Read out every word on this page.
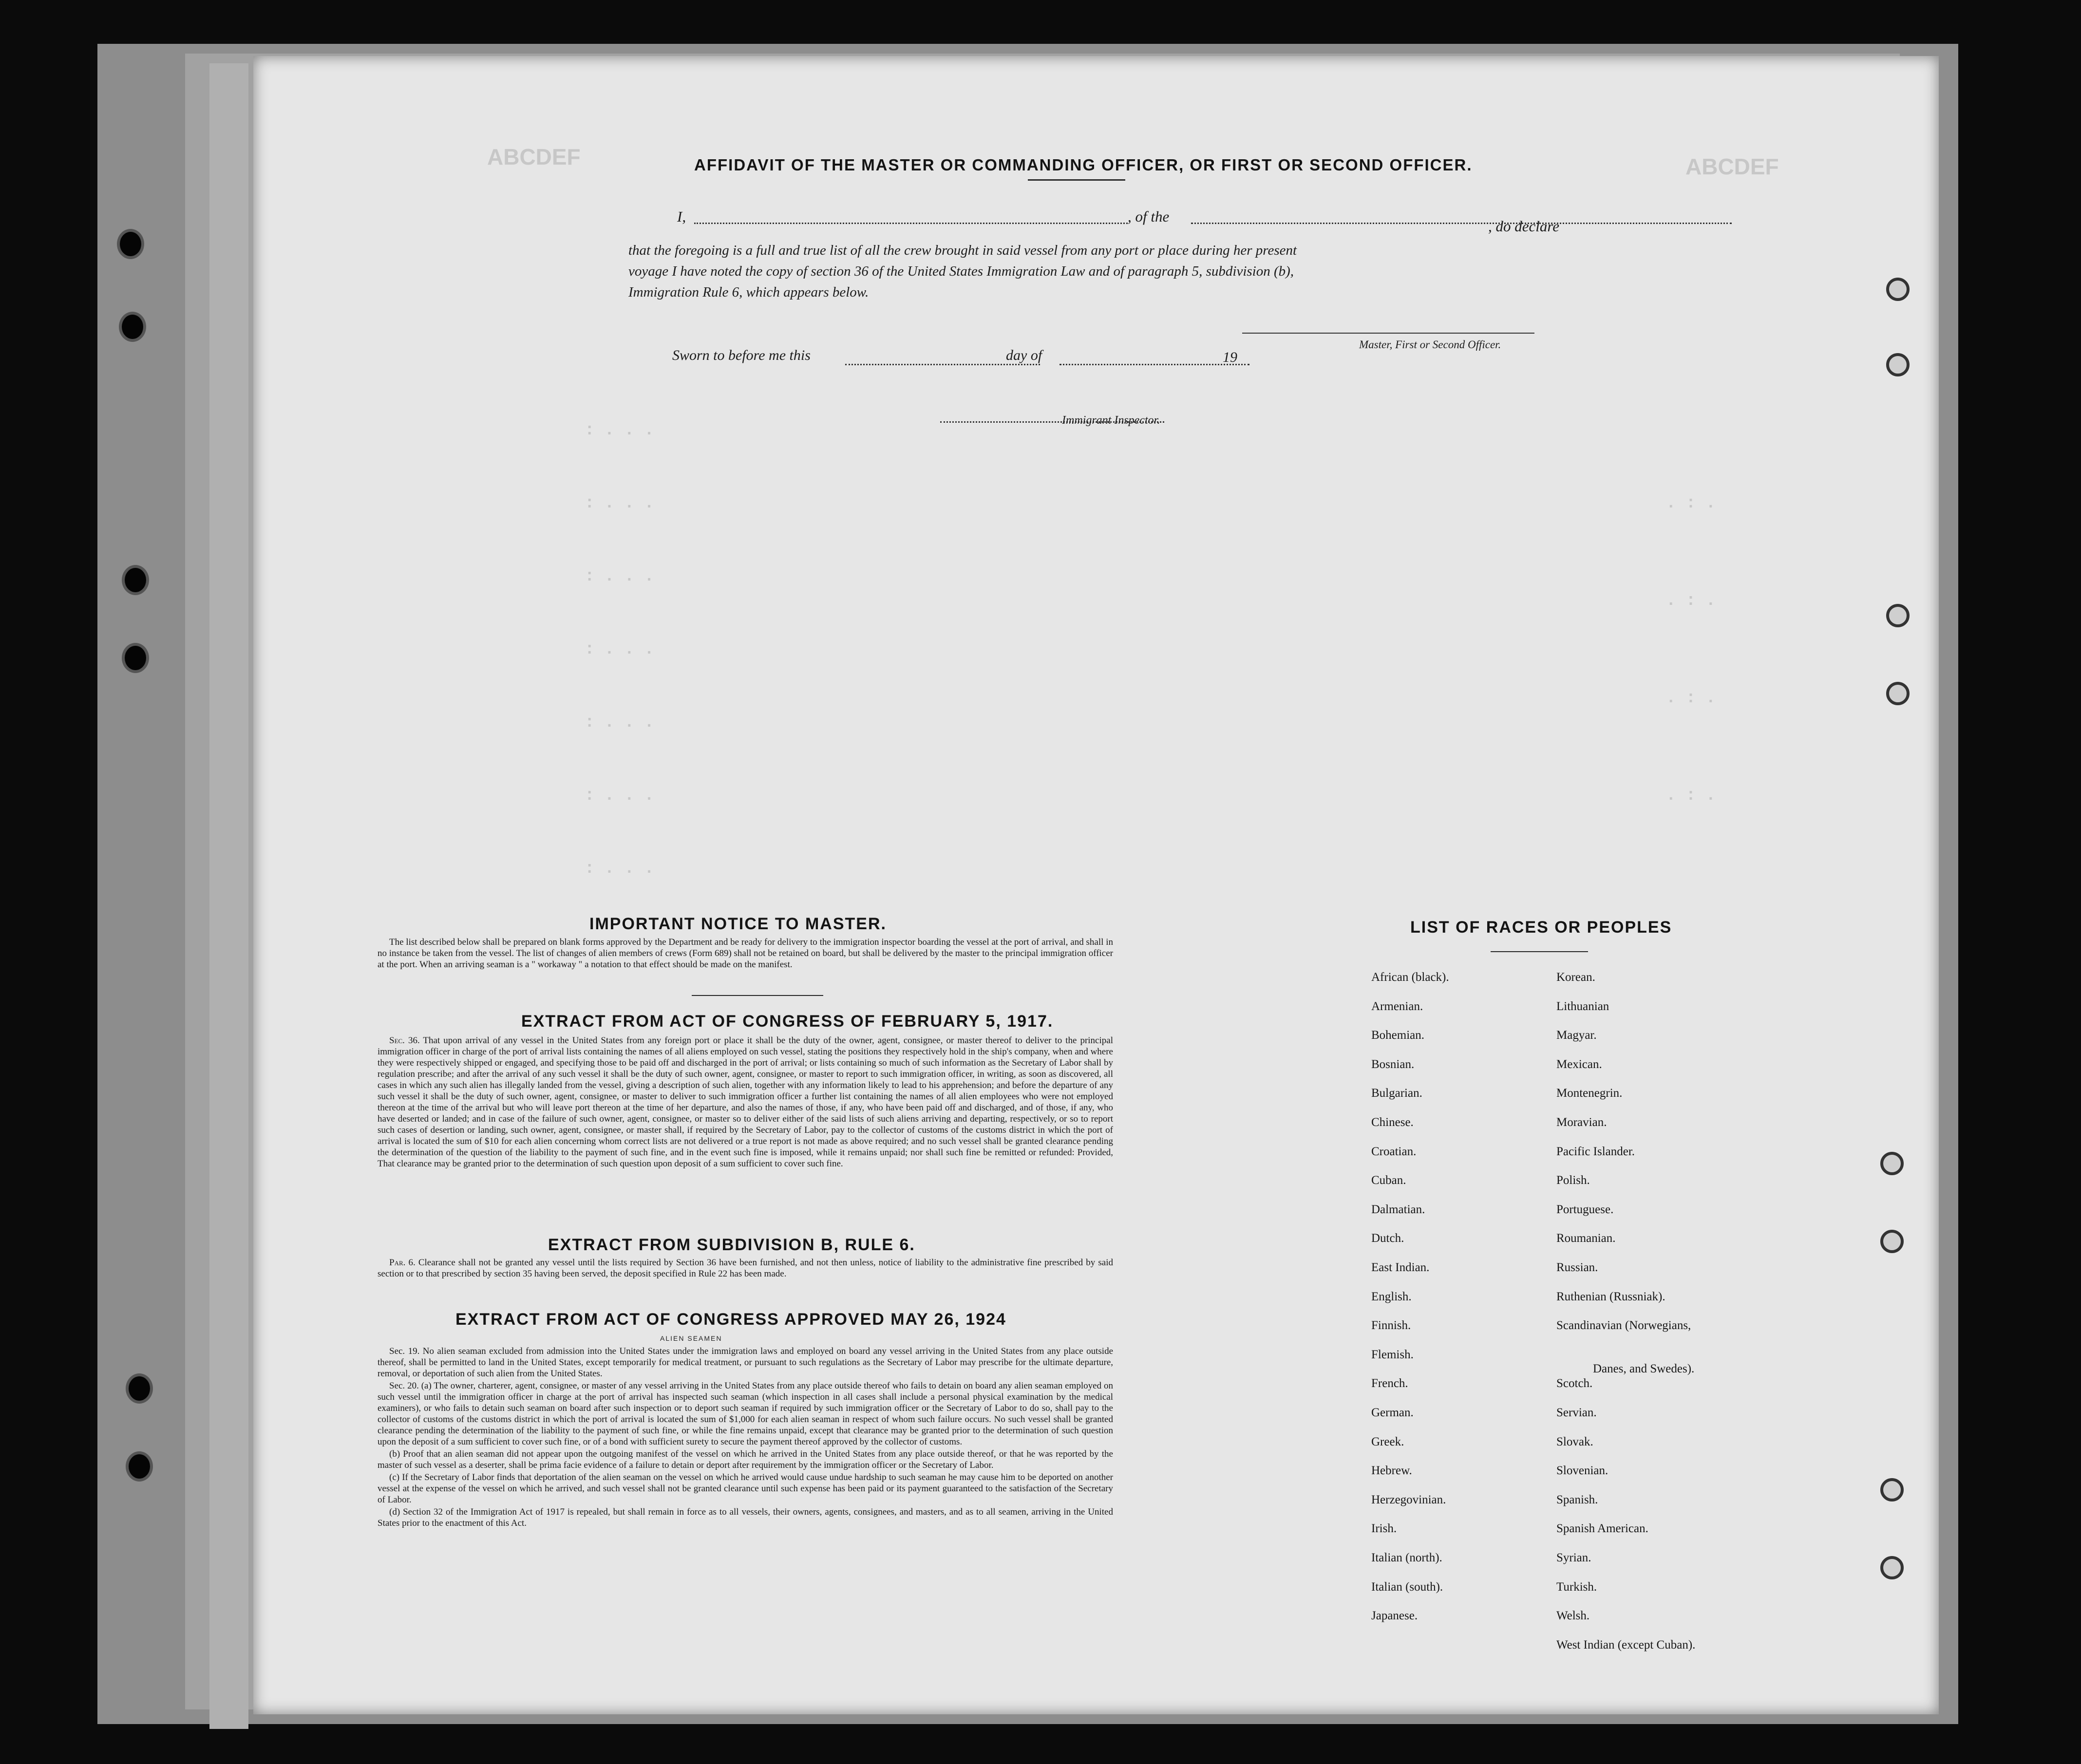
ABCDEF	ABCDEF
: . . .
: . . .
: . . .
: . . .
: . . .
: . . .
: . . .
. : .
. : .
. : .
. : .
AFFIDAVIT OF THE MASTER OR COMMANDING OFFICER, OR FIRST OR SECOND OFFICER.
I,	, of the
, do declare
that the foregoing is a full and true list of all the crew brought in said vessel from any port or place during her present
voyage I have noted the copy of section 36 of the United States Immigration Law and of paragraph 5, subdivision (b),
Immigration Rule 6, which appears below.
Master, First or Second Officer.
Sworn to before me this	day of	19
Immigrant Inspector.
IMPORTANT NOTICE TO MASTER.

The list described below shall be prepared on blank forms approved by the Department and be ready for delivery to the immigration inspector boarding the vessel at the port of arrival, and shall in no instance be taken from the vessel. The list of changes of alien members of crews (Form 689) shall not be retained on board, but shall be delivered by the master to the principal immigration officer at the port. When an arriving seaman is a " workaway " a notation to that effect should be made on the manifest.

EXTRACT FROM ACT OF CONGRESS OF FEBRUARY 5, 1917.

Sec. 36. That upon arrival of any vessel in the United States from any foreign port or place it shall be the duty of the owner, agent, consignee, or master thereof to deliver to the principal immigration officer in charge of the port of arrival lists containing the names of all aliens employed on such vessel, stating the positions they respectively hold in the ship's company, when and where they were respectively shipped or engaged, and specifying those to be paid off and discharged in the port of arrival; or lists containing so much of such information as the Secretary of Labor shall by regulation prescribe; and after the arrival of any such vessel it shall be the duty of such owner, agent, consignee, or master to report to such immigration officer, in writing, as soon as discovered, all cases in which any such alien has illegally landed from the vessel, giving a description of such alien, together with any information likely to lead to his apprehension; and before the departure of any such vessel it shall be the duty of such owner, agent, consignee, or master to deliver to such immigration officer a further list containing the names of all alien employees who were not employed thereon at the time of the arrival but who will leave port thereon at the time of her departure, and also the names of those, if any, who have been paid off and discharged, and of those, if any, who have deserted or landed; and in case of the failure of such owner, agent, consignee, or master so to deliver either of the said lists of such aliens arriving and departing, respectively, or so to report such cases of desertion or landing, such owner, agent, consignee, or master shall, if required by the Secretary of Labor, pay to the collector of customs of the customs district in which the port of arrival is located the sum of $10 for each alien concerning whom correct lists are not delivered or a true report is not made as above required; and no such vessel shall be granted clearance pending the determination of the question of the liability to the payment of such fine, and in the event such fine is imposed, while it remains unpaid; nor shall such fine be remitted or refunded: Provided, That clearance may be granted prior to the determination of such question upon deposit of a sum sufficient to cover such fine.

EXTRACT FROM SUBDIVISION B, RULE 6.

Par. 6. Clearance shall not be granted any vessel until the lists required by Section 36 have been furnished, and not then unless, notice of liability to the administrative fine prescribed by said section or to that prescribed by section 35 having been served, the deposit specified in Rule 22 has been made.

EXTRACT FROM ACT OF CONGRESS APPROVED MAY 26, 1924
ALIEN SEAMEN

Sec. 19. No alien seaman excluded from admission into the United States under the immigration laws and employed on board any vessel arriving in the United States from any place outside thereof, shall be permitted to land in the United States, except temporarily for medical treatment, or pursuant to such regulations as the Secretary of Labor may prescribe for the ultimate departure, removal, or deportation of such alien from the United States.

Sec. 20. (a) The owner, charterer, agent, consignee, or master of any vessel arriving in the United States from any place outside thereof who fails to detain on board any alien seaman employed on such vessel until the immigration officer in charge at the port of arrival has inspected such seaman (which inspection in all cases shall include a personal physical examination by the medical examiners), or who fails to detain such seaman on board after such inspection or to deport such seaman if required by such immigration officer or the Secretary of Labor to do so, shall pay to the collector of customs of the customs district in which the port of arrival is located the sum of $1,000 for each alien seaman in respect of whom such failure occurs. No such vessel shall be granted clearance pending the determination of the liability to the payment of such fine, or while the fine remains unpaid, except that clearance may be granted prior to the determination of such question upon the deposit of a sum sufficient to cover such fine, or of a bond with sufficient surety to secure the payment thereof approved by the collector of customs.

(b) Proof that an alien seaman did not appear upon the outgoing manifest of the vessel on which he arrived in the United States from any place outside thereof, or that he was reported by the master of such vessel as a deserter, shall be prima facie evidence of a failure to detain or deport after requirement by the immigration officer or the Secretary of Labor.

(c) If the Secretary of Labor finds that deportation of the alien seaman on the vessel on which he arrived would cause undue hardship to such seaman he may cause him to be deported on another vessel at the expense of the vessel on which he arrived, and such vessel shall not be granted clearance until such expense has been paid or its payment guaranteed to the satisfaction of the Secretary of Labor.

(d) Section 32 of the Immigration Act of 1917 is repealed, but shall remain in force as to all vessels, their owners, agents, consignees, and masters, and as to all seamen, arriving in the United States prior to the enactment of this Act.

LIST OF RACES OR PEOPLES
African (black).
Armenian.
Bohemian.
Bosnian.
Bulgarian.
Chinese.
Croatian.
Cuban.
Dalmatian.
Dutch.
East Indian.
English.
Finnish.
Flemish.
French.
German.
Greek.
Hebrew.
Herzegovinian.
Irish.
Italian (north).
Italian (south).
Japanese.
Korean.
Lithuanian
Magyar.
Mexican.
Montenegrin.
Moravian.
Pacific Islander.
Polish.
Portuguese.
Roumanian.
Russian.
Ruthenian (Russniak).
Scandinavian (Norwegians,
Danes, and Swedes).
Scotch.
Servian.
Slovak.
Slovenian.
Spanish.
Spanish American.
Syrian.
Turkish.
Welsh.
West Indian (except Cuban).
